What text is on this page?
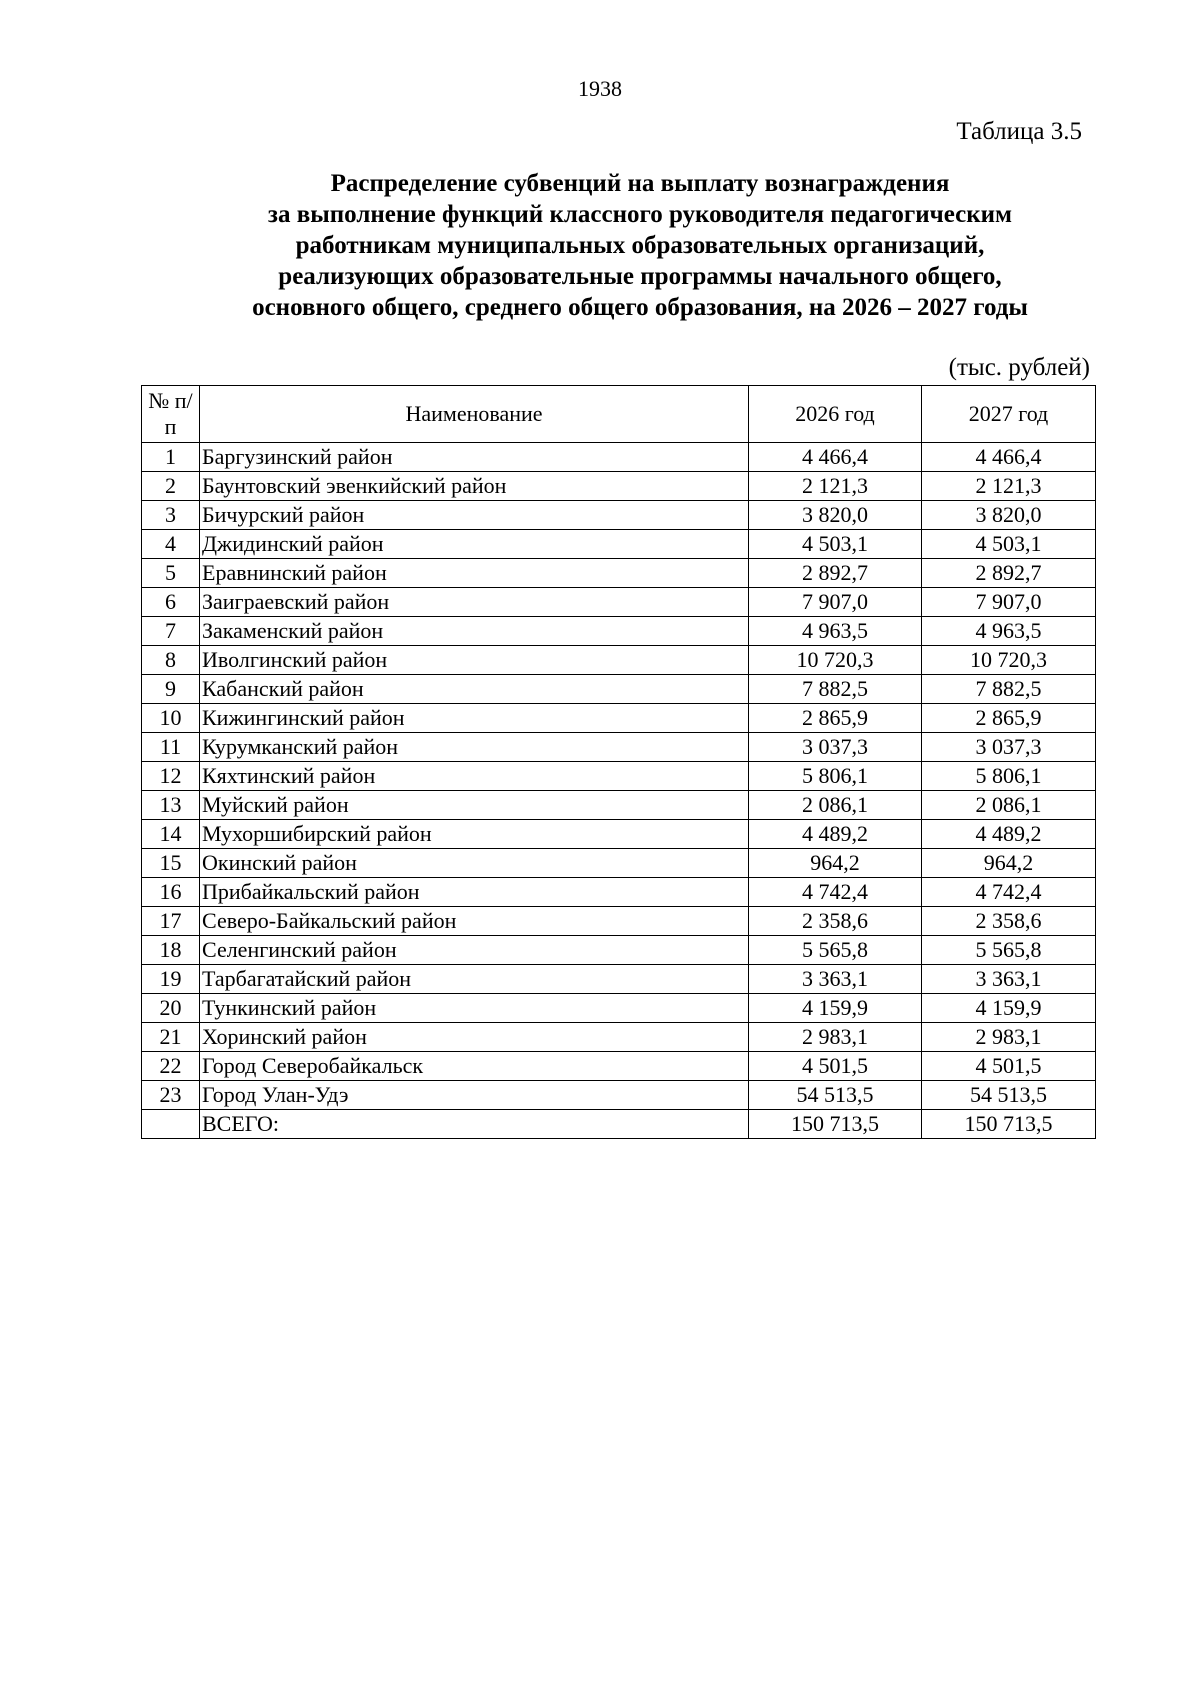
1938
Таблица 3.5
Распределение субвенций на выплату вознаграждения
за выполнение функций классного руководителя педагогическим
работникам муниципальных образовательных организаций,
реализующих образовательные программы начального общего,
основного общего, среднего общего образования, на 2026 – 2027 годы
(тыс. рублей)
№ п/п	Наименование	2026 год	2027 год
1	Баргузинский район	4 466,4	4 466,4
2	Баунтовский эвенкийский район	2 121,3	2 121,3
3	Бичурский район	3 820,0	3 820,0
4	Джидинский район	4 503,1	4 503,1
5	Еравнинский район	2 892,7	2 892,7
6	Заиграевский район	7 907,0	7 907,0
7	Закаменский район	4 963,5	4 963,5
8	Иволгинский район	10 720,3	10 720,3
9	Кабанский район	7 882,5	7 882,5
10	Кижингинский район	2 865,9	2 865,9
11	Курумканский район	3 037,3	3 037,3
12	Кяхтинский район	5 806,1	5 806,1
13	Муйский район	2 086,1	2 086,1
14	Мухоршибирский район	4 489,2	4 489,2
15	Окинский район	964,2	964,2
16	Прибайкальский район	4 742,4	4 742,4
17	Северо-Байкальский район	2 358,6	2 358,6
18	Селенгинский район	5 565,8	5 565,8
19	Тарбагатайский район	3 363,1	3 363,1
20	Тункинский район	4 159,9	4 159,9
21	Хоринский район	2 983,1	2 983,1
22	Город Северобайкальск	4 501,5	4 501,5
23	Город Улан-Удэ	54 513,5	54 513,5
	ВСЕГО:	150 713,5	150 713,5
